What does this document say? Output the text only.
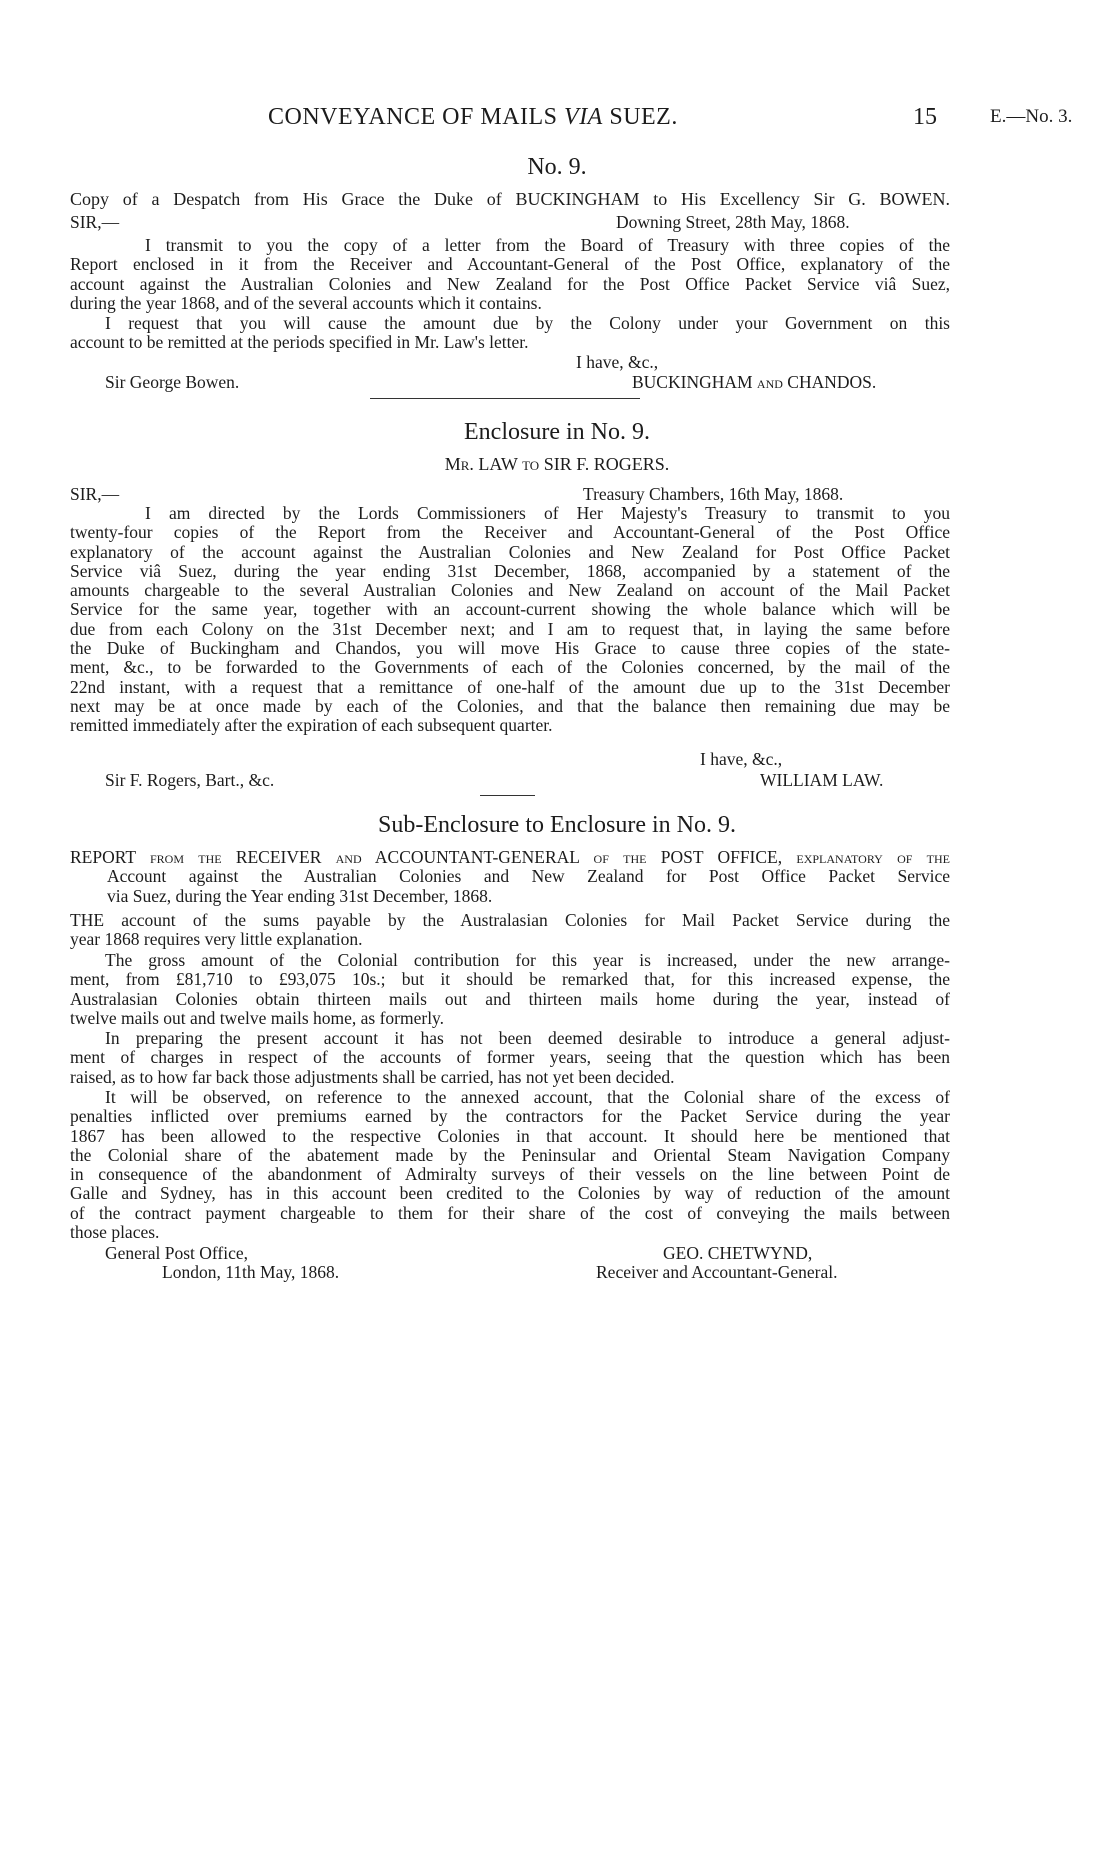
CONVEYANCE OF MAILS VIA SUEZ.	15	E.—No. 3.
No. 9.
Copy of a Despatch from His Grace the Duke of BUCKINGHAM to His Excellency Sir G. BOWEN.
SIR,—	Downing Street, 28th May, 1868.
I transmit to you the copy of a letter from the Board of Treasury with three copies of the
Report enclosed in it from the Receiver and Accountant-General of the Post Office, explanatory of the
account against the Australian Colonies and New Zealand for the Post Office Packet Service viâ Suez,
during the year 1868, and of the several accounts which it contains.
I request that you will cause the amount due by the Colony under your Government on this
account to be remitted at the periods specified in Mr. Law's letter.
I have, &c.,
Sir George Bowen.	BUCKINGHAM and CHANDOS.
Enclosure in No. 9.
Mr. LAW to SIR F. ROGERS.
SIR,—	Treasury Chambers, 16th May, 1868.
I am directed by the Lords Commissioners of Her Majesty's Treasury to transmit to you
twenty-four copies of the Report from the Receiver and Accountant-General of the Post Office
explanatory of the account against the Australian Colonies and New Zealand for Post Office Packet
Service viâ Suez, during the year ending 31st December, 1868, accompanied by a statement of the
amounts chargeable to the several Australian Colonies and New Zealand on account of the Mail Packet
Service for the same year, together with an account-current showing the whole balance which will be
due from each Colony on the 31st December next; and I am to request that, in laying the same before
the Duke of Buckingham and Chandos, you will move His Grace to cause three copies of the state-
ment, &c., to be forwarded to the Governments of each of the Colonies concerned, by the mail of the
22nd instant, with a request that a remittance of one-half of the amount due up to the 31st December
next may be at once made by each of the Colonies, and that the balance then remaining due may be
remitted immediately after the expiration of each subsequent quarter.
I have, &c.,
Sir F. Rogers, Bart., &c.	WILLIAM LAW.
Sub-Enclosure to Enclosure in No. 9.
REPORT from the RECEIVER and ACCOUNTANT-GENERAL of the POST OFFICE, explanatory of the
Account against the Australian Colonies and New Zealand for Post Office Packet Service
via Suez, during the Year ending 31st December, 1868.
THE account of the sums payable by the Australasian Colonies for Mail Packet Service during the
year 1868 requires very little explanation.
The gross amount of the Colonial contribution for this year is increased, under the new arrange-
ment, from £81,710 to £93,075 10s.; but it should be remarked that, for this increased expense, the
Australasian Colonies obtain thirteen mails out and thirteen mails home during the year, instead of
twelve mails out and twelve mails home, as formerly.
In preparing the present account it has not been deemed desirable to introduce a general adjust-
ment of charges in respect of the accounts of former years, seeing that the question which has been
raised, as to how far back those adjustments shall be carried, has not yet been decided.
It will be observed, on reference to the annexed account, that the Colonial share of the excess of
penalties inflicted over premiums earned by the contractors for the Packet Service during the year
1867 has been allowed to the respective Colonies in that account. It should here be mentioned that
the Colonial share of the abatement made by the Peninsular and Oriental Steam Navigation Company
in consequence of the abandonment of Admiralty surveys of their vessels on the line between Point de
Galle and Sydney, has in this account been credited to the Colonies by way of reduction of the amount
of the contract payment chargeable to them for their share of the cost of conveying the mails between
those places.
General Post Office,
London, 11th May, 1868.
GEO. CHETWYND,
Receiver and Accountant-General.
